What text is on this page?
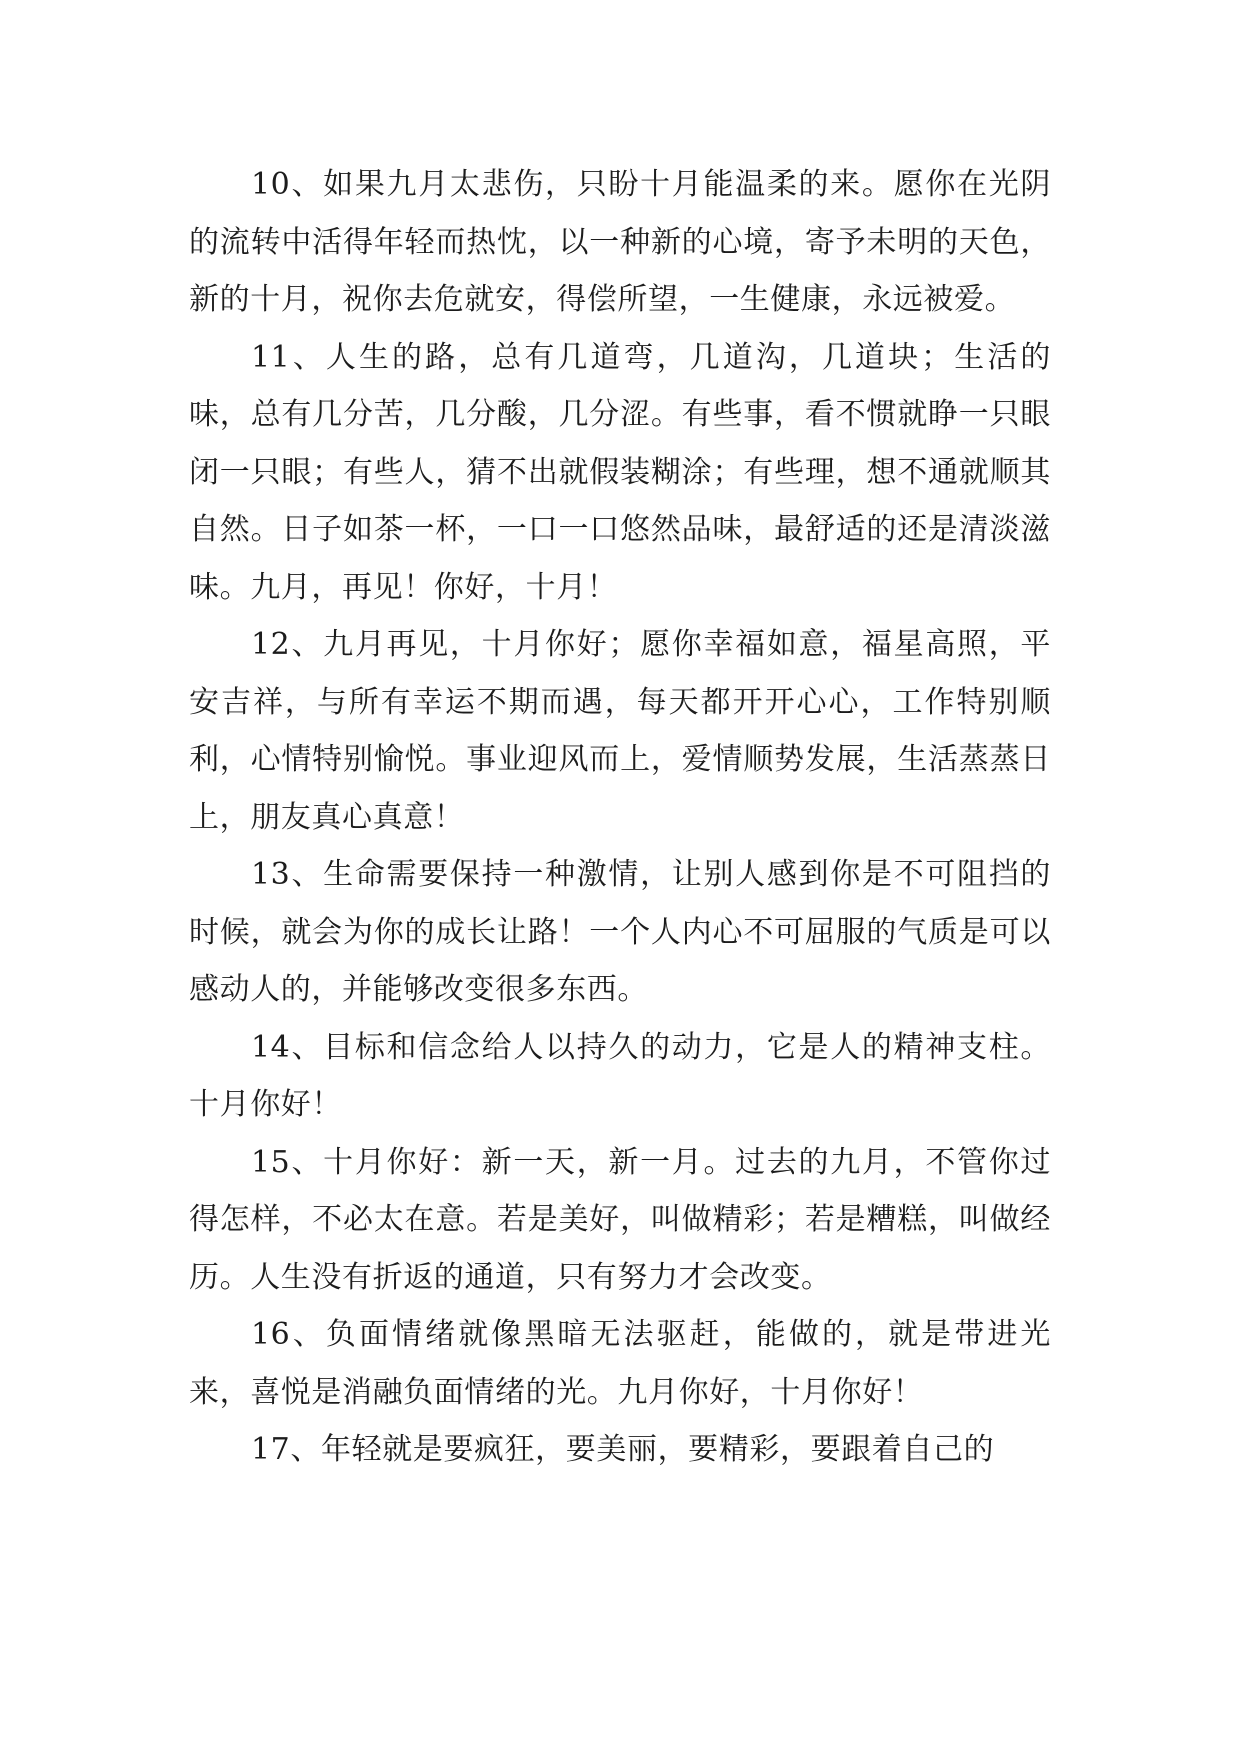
10、如果九月太悲伤，只盼十月能温柔的来。愿你在光阴的流转中活得年轻而热忱，以一种新的心境，寄予未明的天色，新的十月，祝你去危就安，得偿所望，一生健康，永远被爱。

11、人生的路，总有几道弯，几道沟，几道块；生活的味，总有几分苦，几分酸，几分涩。有些事，看不惯就睁一只眼闭一只眼；有些人，猜不出就假装糊涂；有些理，想不通就顺其自然。日子如茶一杯，一口一口悠然品味，最舒适的还是清淡滋味。九月，再见！你好，十月！

12、九月再见，十月你好；愿你幸福如意，福星高照，平安吉祥，与所有幸运不期而遇，每天都开开心心，工作特别顺利，心情特别愉悦。事业迎风而上，爱情顺势发展，生活蒸蒸日上，朋友真心真意！

13、生命需要保持一种激情，让别人感到你是不可阻挡的时候，就会为你的成长让路！一个人内心不可屈服的气质是可以感动人的，并能够改变很多东西。

14、目标和信念给人以持久的动力，它是人的精神支柱。十月你好！

15、十月你好：新一天，新一月。过去的九月，不管你过得怎样，不必太在意。若是美好，叫做精彩；若是糟糕，叫做经历。人生没有折返的通道，只有努力才会改变。

16、负面情绪就像黑暗无法驱赶，能做的，就是带进光来，喜悦是消融负面情绪的光。九月你好，十月你好！

17、年轻就是要疯狂，要美丽，要精彩，要跟着自己的
